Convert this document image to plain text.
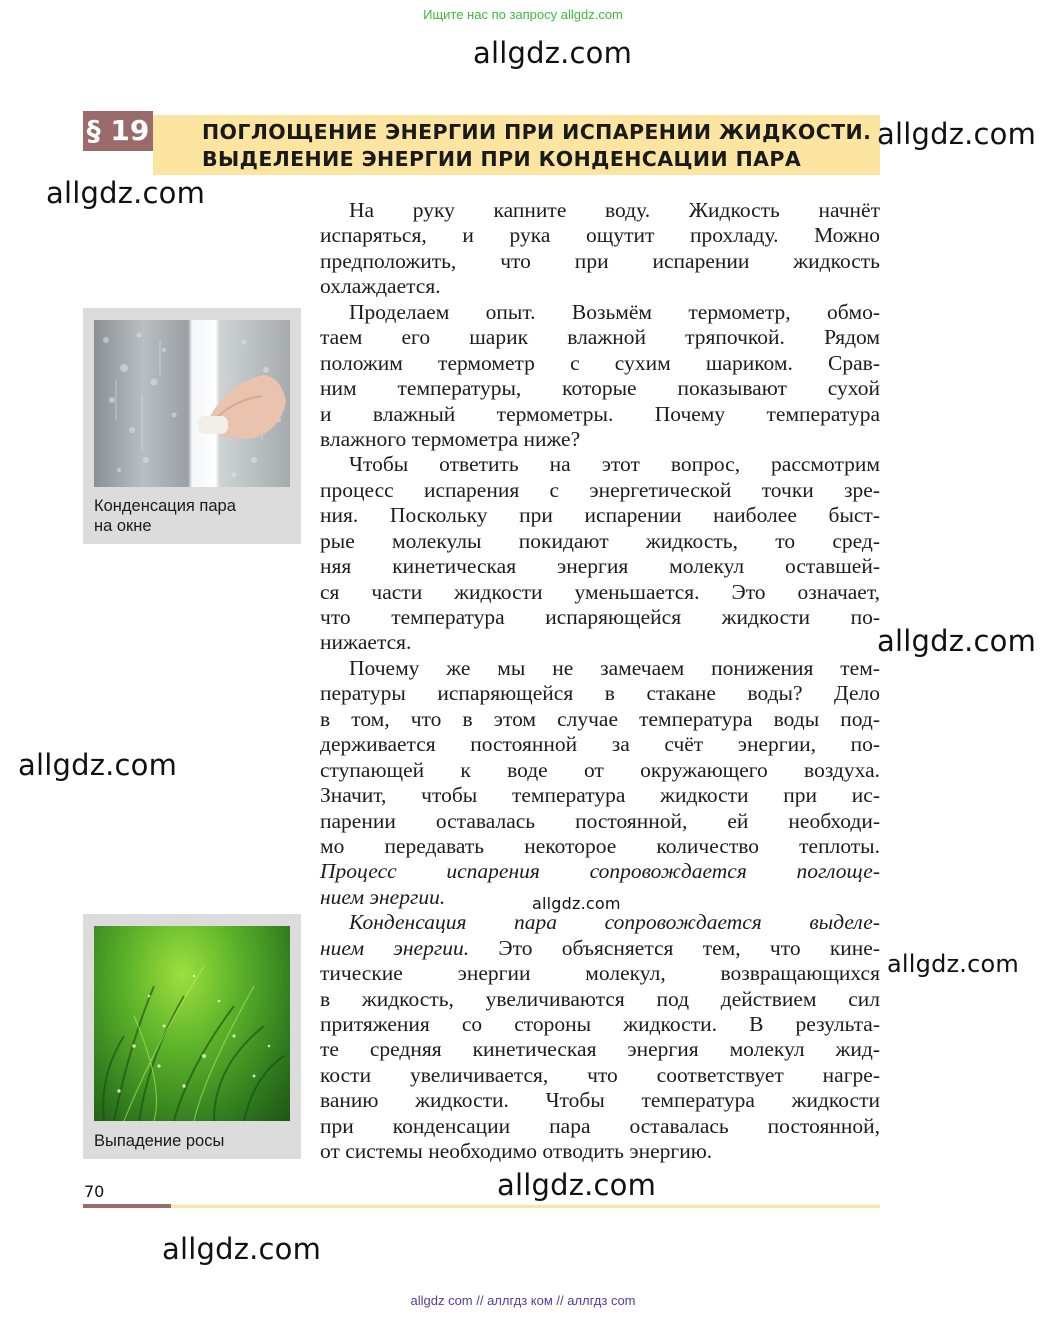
Ищите нас по запросу allgdz.com
allgdz.com
§ 19	ПОГЛОЩЕНИЕ ЭНЕРГИИ ПРИ ИСПАРЕНИИ ЖИДКОСТИ.
ВЫДЕЛЕНИЕ ЭНЕРГИИ ПРИ КОНДЕНСАЦИИ ПАРА
allgdz.com
allgdz.com	На руку капните воду. Жидкость начнёт
испаряться, и рука ощутит прохладу. Можно
предположить, что при испарении жидкость
охлаждается.
Проделаем опыт. Возьмём термометр, обмо-
таем его шарик влажной тряпочкой. Рядом
положим термометр с сухим шариком. Срав-
ним температуры, которые показывают сухой
и влажный термометры. Почему температура
влажного термометра ниже?
Чтобы ответить на этот вопрос, рассмотрим
процесс испарения с энергетической точки зре-
ния. Поскольку при испарении наиболее быст-
рые молекулы покидают жидкость, то сред-
няя кинетическая энергия молекул оставшей-
ся части жидкости уменьшается. Это означает,
что температура испаряющейся жидкости по-
нижается.
Почему же мы не замечаем понижения тем-
пературы испаряющейся в стакане воды? Дело
в том, что в этом случае температура воды под-
держивается постоянной за счёт энергии, по-
ступающей к воде от окружающего воздуха.
Значит, чтобы температура жидкости при ис-
парении оставалась постоянной, ей необходи-
мо передавать некоторое количество теплоты.
Процесс испарения сопровождается поглоще-
нием энергии.
Конденсация пара сопровождается выделе-
нием энергии. Это объясняется тем, что кине-
тические энергии молекул, возвращающихся
в жидкость, увеличиваются под действием сил
притяжения со стороны жидкости. В результа-
те средняя кинетическая энергия молекул жид-
кости увеличивается, что соответствует нагре-
ванию жидкости. Чтобы температура жидкости
при конденсации пара оставалась постоянной,
от системы необходимо отводить энергию.
Конденсация пара
на окне
allgdz.com
allgdz.com
allgdz.com
allgdz.com
Выпадение росы
70	allgdz.com
allgdz.com
allgdz com // аллгдз ком // аллгдз com
